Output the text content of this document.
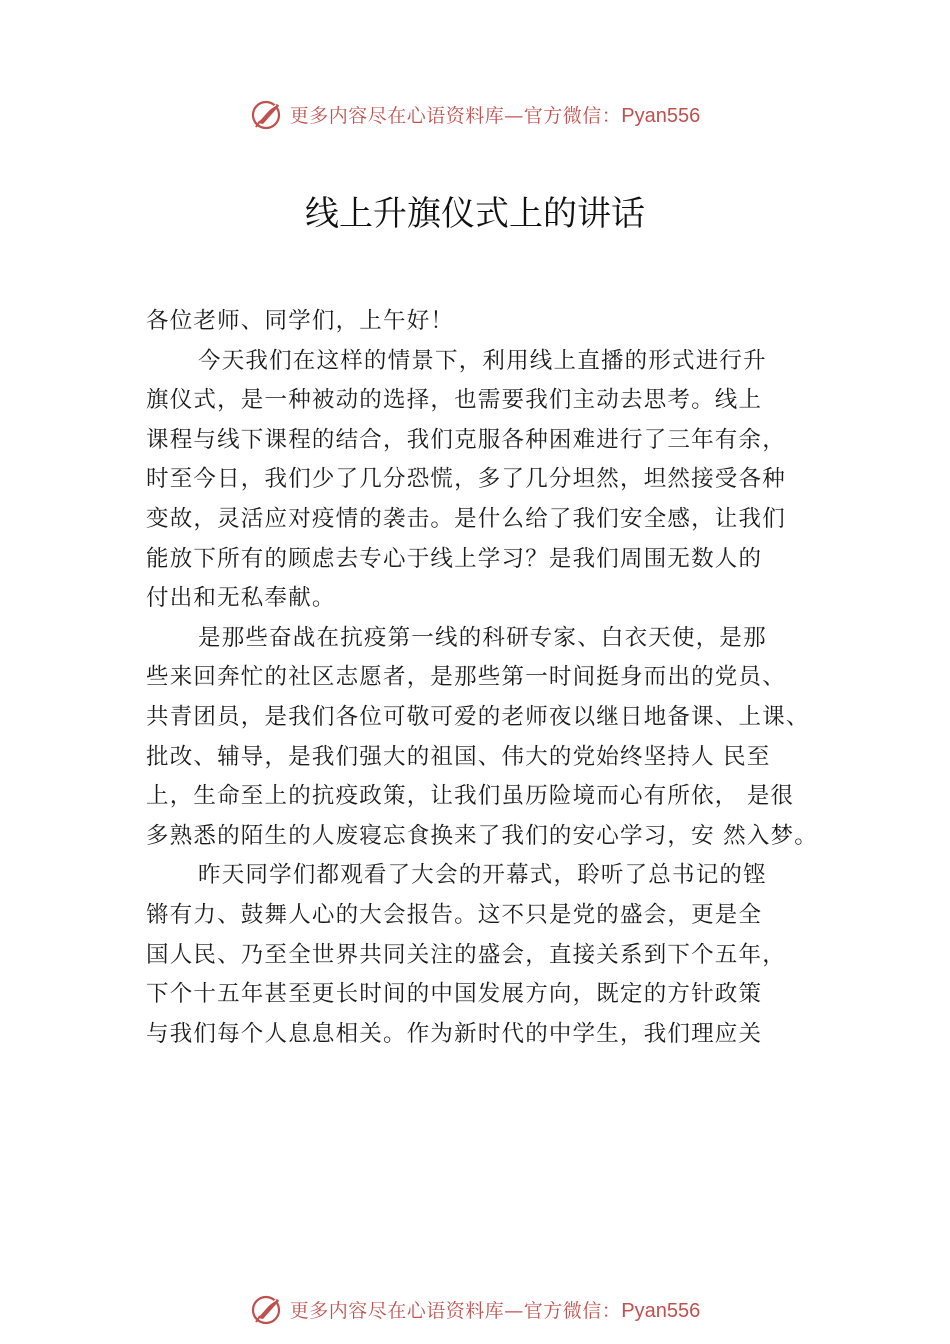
更多内容尽在心语资料库—官方微信：Pyan556
线上升旗仪式上的讲话

各位老师、同学们，上午好！

今天我们在这样的情景下，利用线上直播的形式进行升
旗仪式，是一种被动的选择，也需要我们主动去思考。线上
课程与线下课程的结合，我们克服各种困难进行了三年有余，
时至今日，我们少了几分恐慌，多了几分坦然，坦然接受各种
变故，灵活应对疫情的袭击。是什么给了我们安全感，让我们
能放下所有的顾虑去专心于线上学习？是我们周围无数人的
付出和无私奉献。

是那些奋战在抗疫第一线的科研专家、白衣天使，是那
些来回奔忙的社区志愿者，是那些第一时间挺身而出的党员、
共青团员，是我们各位可敬可爱的老师夜以继日地备课、上课、
批改、辅导，是我们强大的祖国、伟大的党始终坚持人 民至
上，生命至上的抗疫政策，让我们虽历险境而心有所依， 是很
多熟悉的陌生的人废寝忘食换来了我们的安心学习，安 然入梦。

昨天同学们都观看了大会的开幕式，聆听了总书记的铿
锵有力、鼓舞人心的大会报告。这不只是党的盛会，更是全
国人民、乃至全世界共同关注的盛会，直接关系到下个五年，
下个十五年甚至更长时间的中国发展方向，既定的方针政策
与我们每个人息息相关。作为新时代的中学生，我们理应关

更多内容尽在心语资料库—官方微信：Pyan556
